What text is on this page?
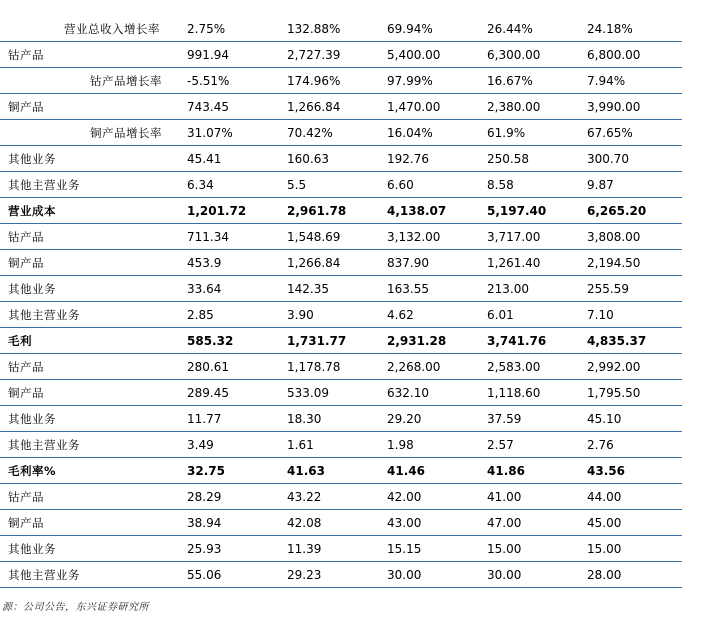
营业总收入增长率	2.75%	132.88%	69.94%	26.44%	24.18%
钴产品	991.94	2,727.39	5,400.00	6,300.00	6,800.00
钴产品增长率	-5.51%	174.96%	97.99%	16.67%	7.94%
铜产品	743.45	1,266.84	1,470.00	2,380.00	3,990.00
铜产品增长率	31.07%	70.42%	16.04%	61.9%	67.65%
其他业务	45.41	160.63	192.76	250.58	300.70
其他主营业务	6.34	5.5	6.60	8.58	9.87
营业成本	1,201.72	2,961.78	4,138.07	5,197.40	6,265.20
钴产品	711.34	1,548.69	3,132.00	3,717.00	3,808.00
铜产品	453.9	1,266.84	837.90	1,261.40	2,194.50
其他业务	33.64	142.35	163.55	213.00	255.59
其他主营业务	2.85	3.90	4.62	6.01	7.10
毛利	585.32	1,731.77	2,931.28	3,741.76	4,835.37
钴产品	280.61	1,178.78	2,268.00	2,583.00	2,992.00
铜产品	289.45	533.09	632.10	1,118.60	1,795.50
其他业务	11.77	18.30	29.20	37.59	45.10
其他主营业务	3.49	1.61	1.98	2.57	2.76
毛利率%	32.75	41.63	41.46	41.86	43.56
钴产品	28.29	43.22	42.00	41.00	44.00
铜产品	38.94	42.08	43.00	47.00	45.00
其他业务	25.93	11.39	15.15	15.00	15.00
其他主营业务	55.06	29.23	30.00	30.00	28.00
源：公司公告，东兴证券研究所
